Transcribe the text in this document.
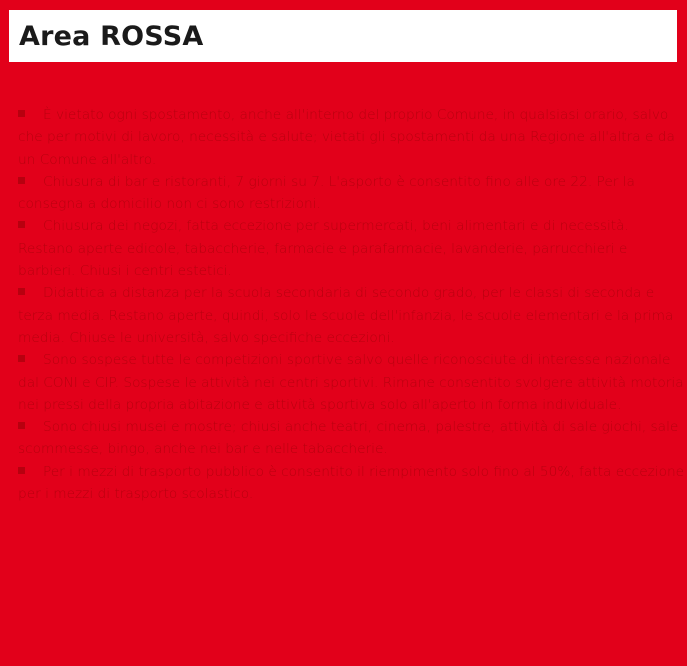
Area ROSSA
È vietato ogni spostamento, anche all'interno del proprio Comune, in qualsiasi orario, salvo che per motivi di lavoro, necessità e salute; vietati gli spostamenti da una Regione all'altra e da un Comune all'altro.
Chiusura di bar e ristoranti, 7 giorni su 7. L'asporto è consentito fino alle ore 22. Per la consegna a domicilio non ci sono restrizioni.
Chiusura dei negozi, fatta eccezione per supermercati, beni alimentari e di necessità. Restano aperte edicole, tabaccherie, farmacie e parafarmacie, lavanderie, parrucchieri e barbieri. Chiusi i centri estetici.
Didattica a distanza per la scuola secondaria di secondo grado, per le classi di seconda e terza media. Restano aperte, quindi, solo le scuole dell'infanzia, le scuole elementari e la prima media. Chiuse le università, salvo specifiche eccezioni.
Sono sospese tutte le competizioni sportive salvo quelle riconosciute di interesse nazionale dal CONI e CIP. Sospese le attività nei centri sportivi. Rimane consentito svolgere attività motoria nei pressi della propria abitazione e attività sportiva solo all'aperto in forma individuale.
Sono chiusi musei e mostre; chiusi anche teatri, cinema, palestre, attività di sale giochi, sale scommesse, bingo, anche nei bar e nelle tabaccherie.
Per i mezzi di trasporto pubblico è consentito il riempimento solo fino al 50%, fatta eccezione per i mezzi di trasporto scolastico.
